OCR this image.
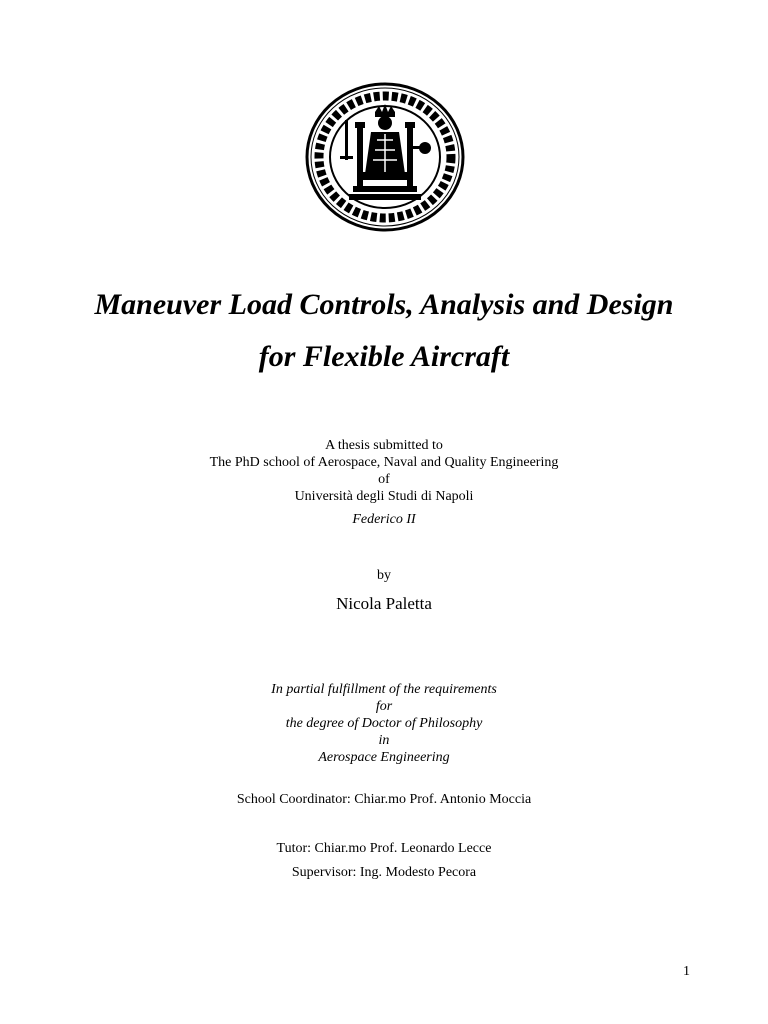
Maneuver Load Controls, Analysis and Design
for Flexible Aircraft
A thesis submitted to
The PhD school of Aerospace, Naval and Quality Engineering
of
Università degli Studi di Napoli
Federico II
by
Nicola Paletta
In partial fulfillment of the requirements
for
the degree of Doctor of Philosophy
in
Aerospace Engineering
School Coordinator: Chiar.mo Prof. Antonio Moccia
Tutor: Chiar.mo Prof. Leonardo Lecce
Supervisor: Ing. Modesto Pecora
1
